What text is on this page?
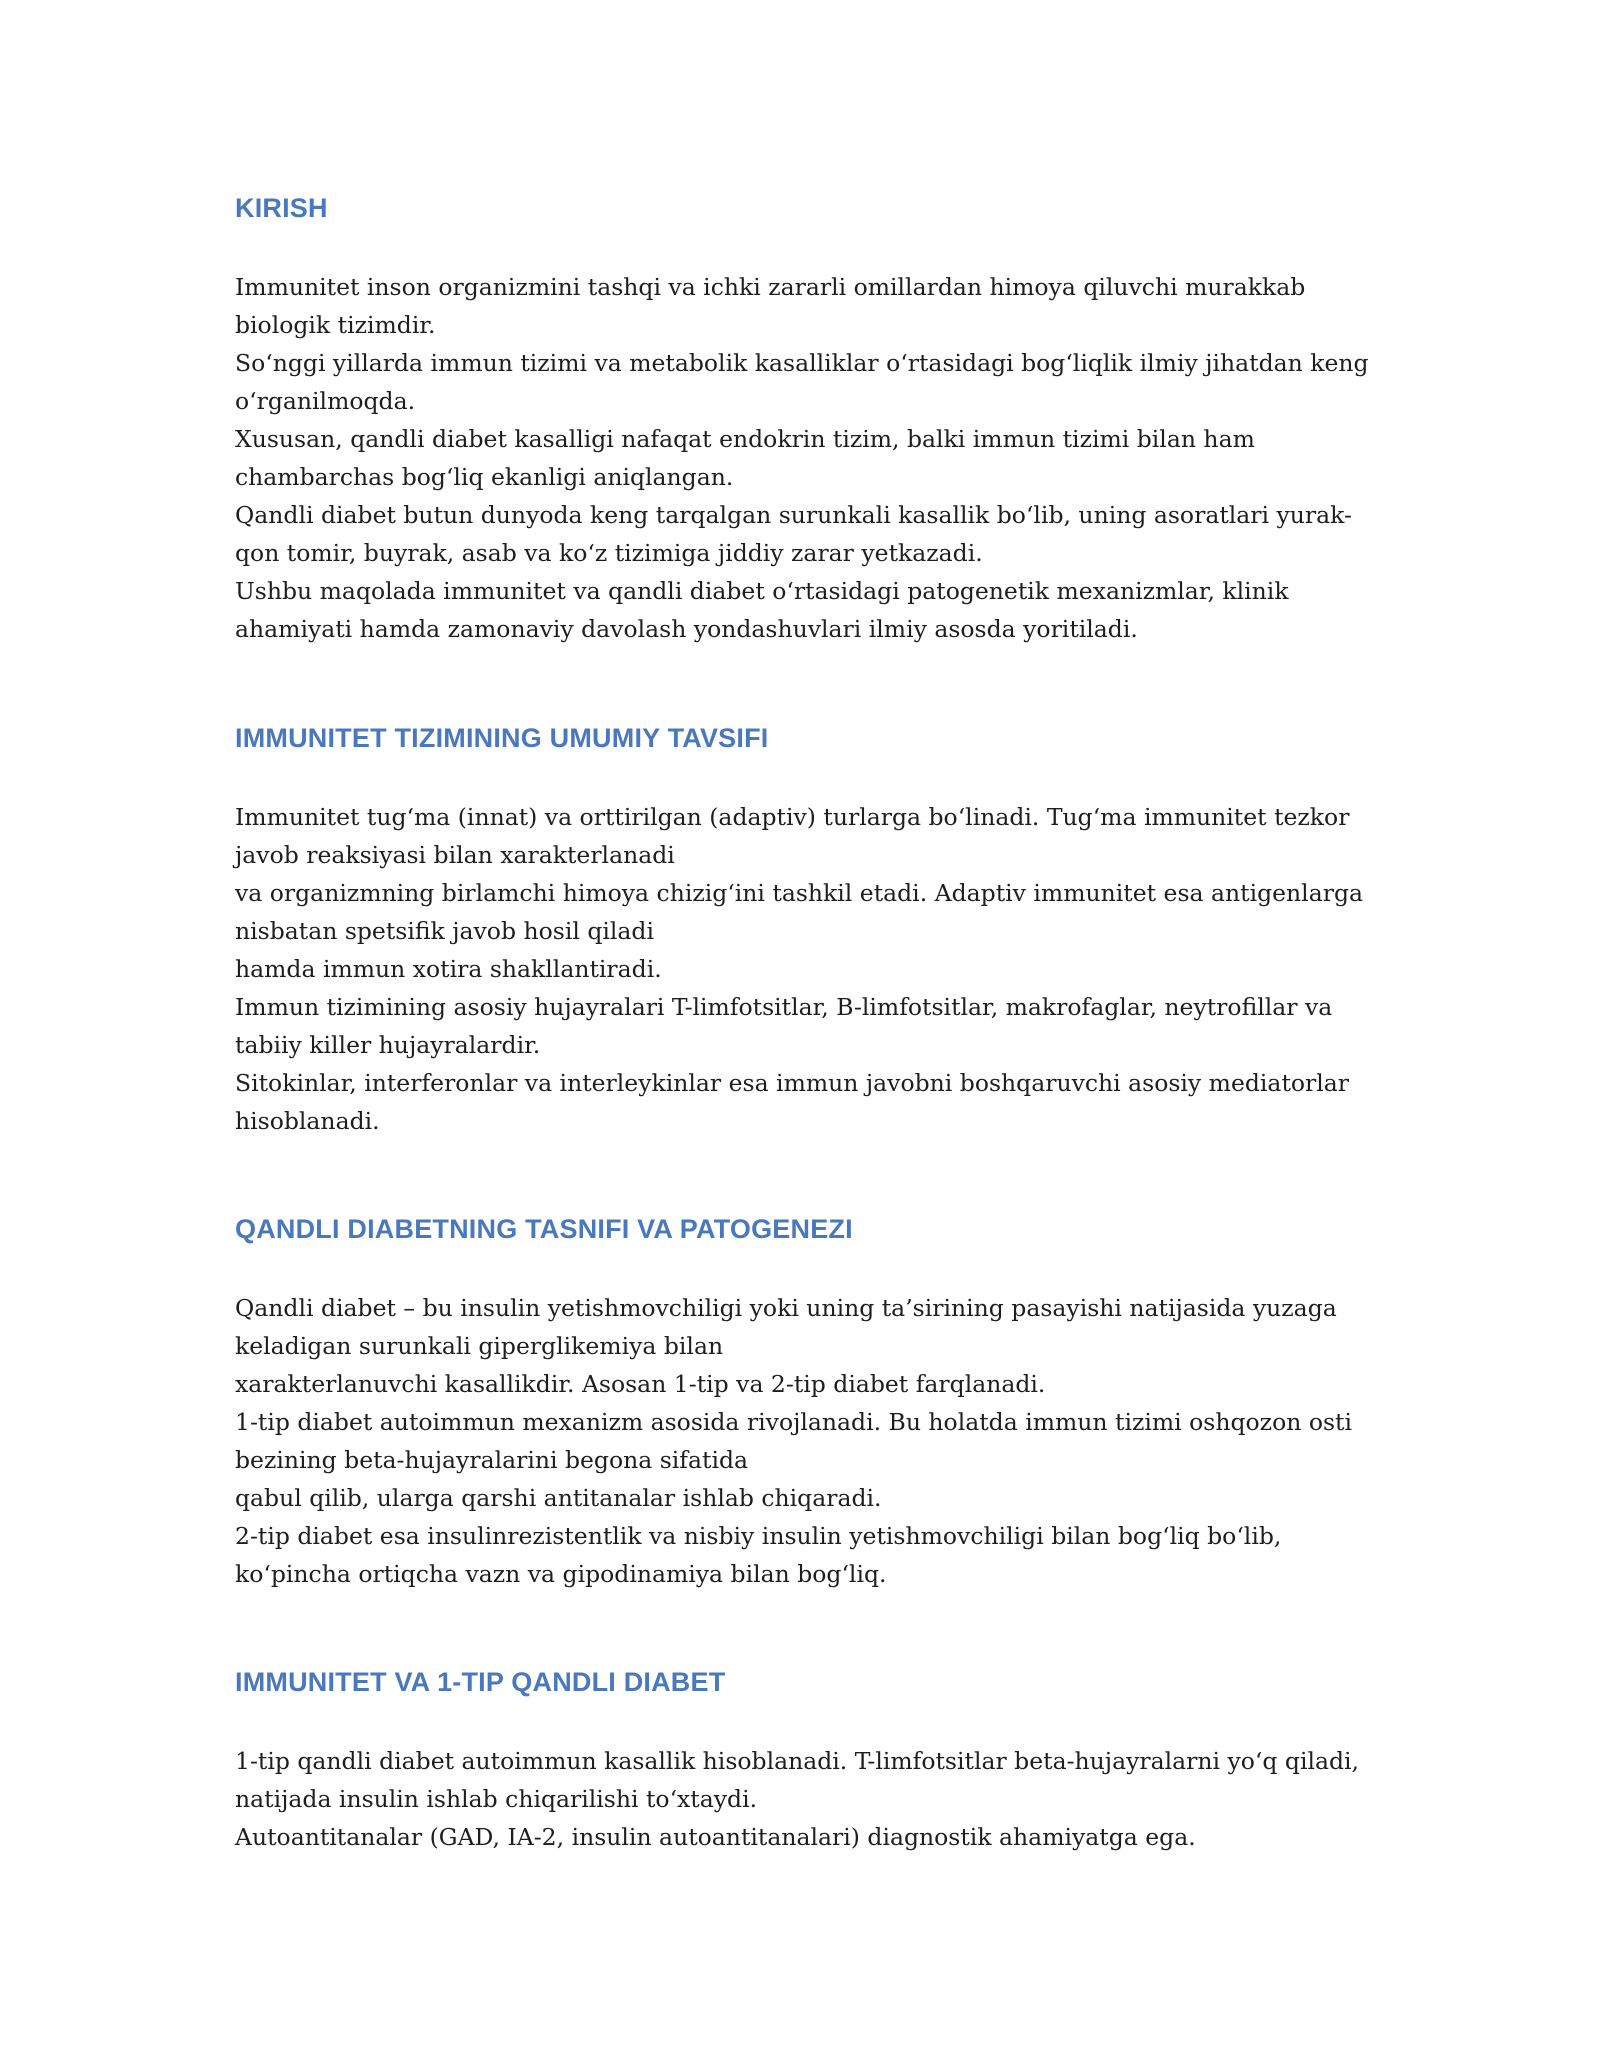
KIRISH

Immunitet inson organizmini tashqi va ichki zararli omillardan himoya qiluvchi murakkab

biologik tizimdir.

So‘nggi yillarda immun tizimi va metabolik kasalliklar o‘rtasidagi bog‘liqlik ilmiy jihatdan keng

o‘rganilmoqda.

Xususan, qandli diabet kasalligi nafaqat endokrin tizim, balki immun tizimi bilan ham

chambarchas bog‘liq ekanligi aniqlangan.

Qandli diabet butun dunyoda keng tarqalgan surunkali kasallik bo‘lib, uning asoratlari yurak-

qon tomir, buyrak, asab va ko‘z tizimiga jiddiy zarar yetkazadi.

Ushbu maqolada immunitet va qandli diabet o‘rtasidagi patogenetik mexanizmlar, klinik

ahamiyati hamda zamonaviy davolash yondashuvlari ilmiy asosda yoritiladi.

IMMUNITET TIZIMINING UMUMIY TAVSIFI

Immunitet tug‘ma (innat) va orttirilgan (adaptiv) turlarga bo‘linadi. Tug‘ma immunitet tezkor

javob reaksiyasi bilan xarakterlanadi

va organizmning birlamchi himoya chizig‘ini tashkil etadi. Adaptiv immunitet esa antigenlarga

nisbatan spetsifik javob hosil qiladi

hamda immun xotira shakllantiradi.

Immun tizimining asosiy hujayralari T-limfotsitlar, B-limfotsitlar, makrofaglar, neytrofillar va

tabiiy killer hujayralardir.

Sitokinlar, interferonlar va interleykinlar esa immun javobni boshqaruvchi asosiy mediatorlar

hisoblanadi.

QANDLI DIABETNING TASNIFI VA PATOGENEZI

Qandli diabet – bu insulin yetishmovchiligi yoki uning ta’sirining pasayishi natijasida yuzaga

keladigan surunkali giperglikemiya bilan

xarakterlanuvchi kasallikdir. Asosan 1-tip va 2-tip diabet farqlanadi.

1-tip diabet autoimmun mexanizm asosida rivojlanadi. Bu holatda immun tizimi oshqozon osti

bezining beta-hujayralarini begona sifatida

qabul qilib, ularga qarshi antitanalar ishlab chiqaradi.

2-tip diabet esa insulinrezistentlik va nisbiy insulin yetishmovchiligi bilan bog‘liq bo‘lib,

ko‘pincha ortiqcha vazn va gipodinamiya bilan bog‘liq.

IMMUNITET VA 1-TIP QANDLI DIABET

1-tip qandli diabet autoimmun kasallik hisoblanadi. T-limfotsitlar beta-hujayralarni yo‘q qiladi,

natijada insulin ishlab chiqarilishi to‘xtaydi.

Autoantitanalar (GAD, IA-2, insulin autoantitanalari) diagnostik ahamiyatga ega.
